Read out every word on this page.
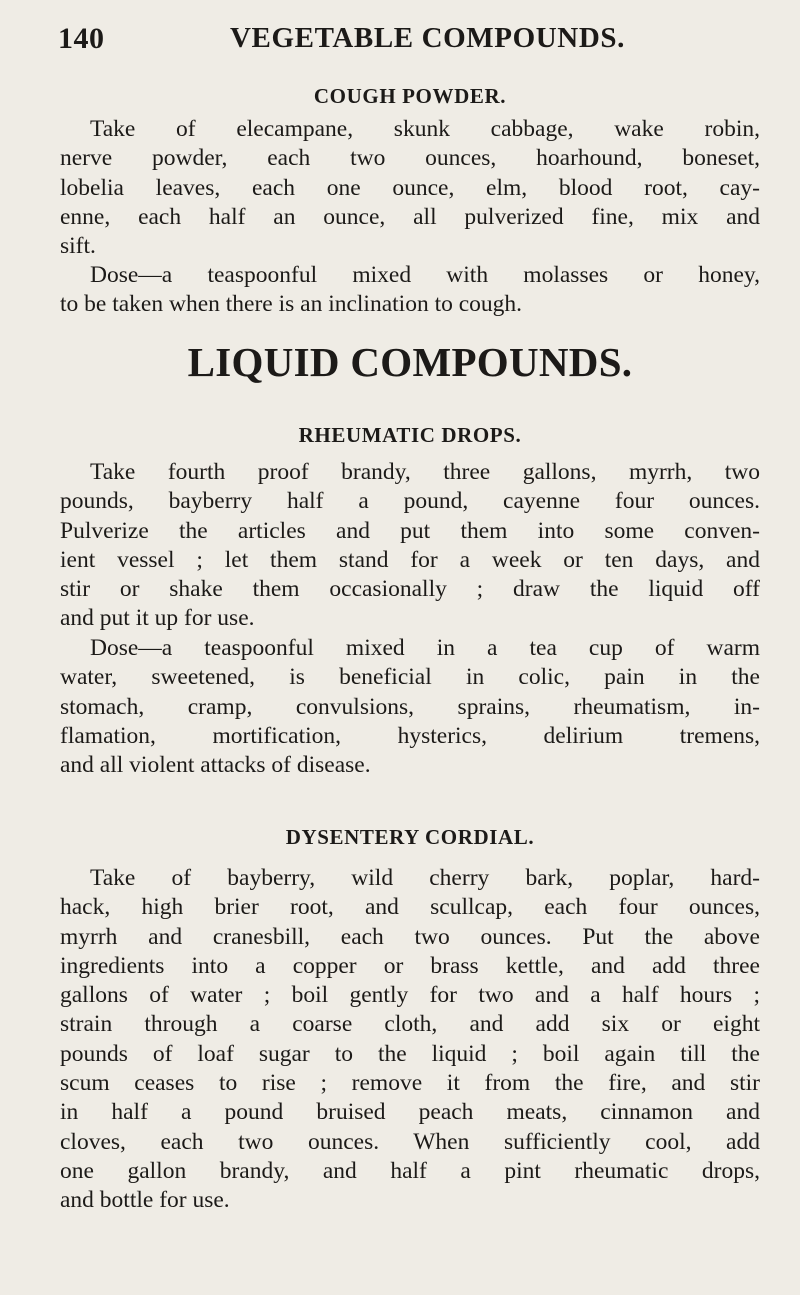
140	VEGETABLE COMPOUNDS.
COUGH POWDER.

Take of elecampane, skunk cabbage, wake robin,
nerve powder, each two ounces, hoarhound, boneset,
lobelia leaves, each one ounce, elm, blood root, cay-
enne, each half an ounce, all pulverized fine, mix and
sift.

Dose—a teaspoonful mixed with molasses or honey,
to be taken when there is an inclination to cough.

LIQUID COMPOUNDS.
RHEUMATIC DROPS.

Take fourth proof brandy, three gallons, myrrh, two
pounds, bayberry half a pound, cayenne four ounces.
Pulverize the articles and put them into some conven-
ient vessel ; let them stand for a week or ten days, and
stir or shake them occasionally ; draw the liquid off
and put it up for use.

Dose—a teaspoonful mixed in a tea cup of warm
water, sweetened, is beneficial in colic, pain in the
stomach, cramp, convulsions, sprains, rheumatism, in-
flamation, mortification, hysterics, delirium tremens,
and all violent attacks of disease.

DYSENTERY CORDIAL.

Take of bayberry, wild cherry bark, poplar, hard-
hack, high brier root, and scullcap, each four ounces,
myrrh and cranesbill, each two ounces. Put the above
ingredients into a copper or brass kettle, and add three
gallons of water ; boil gently for two and a half hours ;
strain through a coarse cloth, and add six or eight
pounds of loaf sugar to the liquid ; boil again till the
scum ceases to rise ; remove it from the fire, and stir
in half a pound bruised peach meats, cinnamon and
cloves, each two ounces. When sufficiently cool, add
one gallon brandy, and half a pint rheumatic drops,
and bottle for use.
